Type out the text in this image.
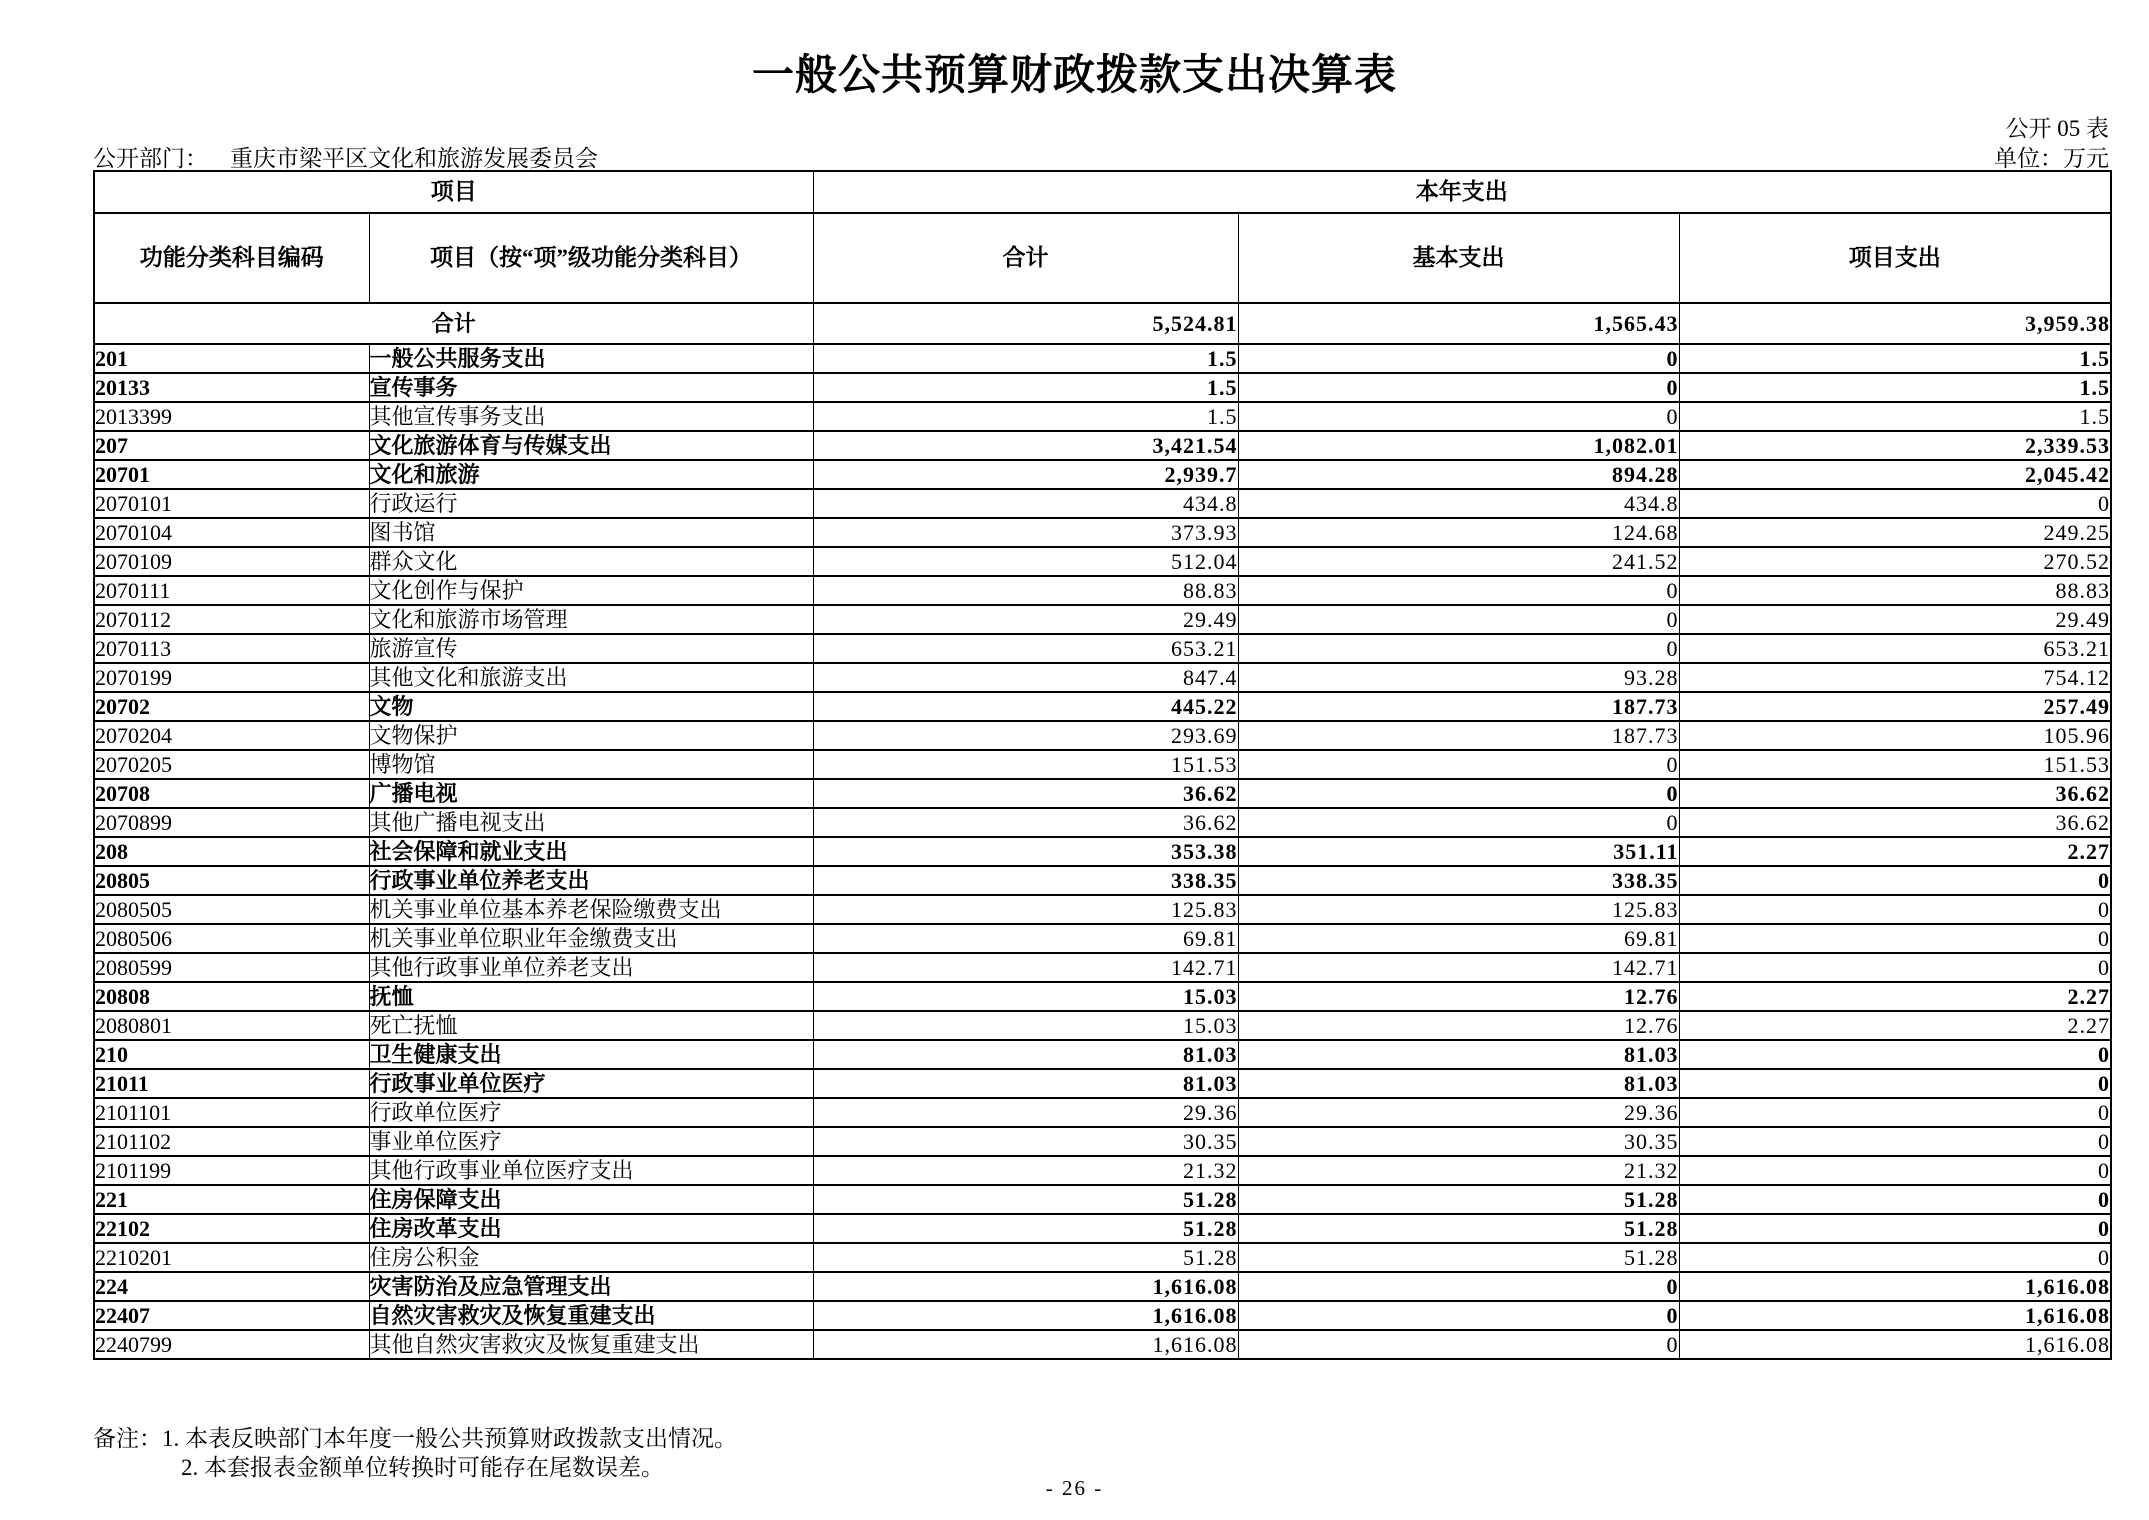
一般公共预算财政拨款支出决算表
公开 05 表
公开部门： 重庆市梁平区文化和旅游发展委员会	单位：万元
项目		本年支出		
功能分类科目编码	项目（按“项”级功能分类科目）	合计	基本支出	项目支出
合计		5,524.81	1,565.43	3,959.38
201	一般公共服务支出	1.5	0	1.5
20133	宣传事务	1.5	0	1.5
2013399	其他宣传事务支出	1.5	0	1.5
207	文化旅游体育与传媒支出	3,421.54	1,082.01	2,339.53
20701	文化和旅游	2,939.7	894.28	2,045.42
2070101	行政运行	434.8	434.8	0
2070104	图书馆	373.93	124.68	249.25
2070109	群众文化	512.04	241.52	270.52
2070111	文化创作与保护	88.83	0	88.83
2070112	文化和旅游市场管理	29.49	0	29.49
2070113	旅游宣传	653.21	0	653.21
2070199	其他文化和旅游支出	847.4	93.28	754.12
20702	文物	445.22	187.73	257.49
2070204	文物保护	293.69	187.73	105.96
2070205	博物馆	151.53	0	151.53
20708	广播电视	36.62	0	36.62
2070899	其他广播电视支出	36.62	0	36.62
208	社会保障和就业支出	353.38	351.11	2.27
20805	行政事业单位养老支出	338.35	338.35	0
2080505	机关事业单位基本养老保险缴费支出	125.83	125.83	0
2080506	机关事业单位职业年金缴费支出	69.81	69.81	0
2080599	其他行政事业单位养老支出	142.71	142.71	0
20808	抚恤	15.03	12.76	2.27
2080801	死亡抚恤	15.03	12.76	2.27
210	卫生健康支出	81.03	81.03	0
21011	行政事业单位医疗	81.03	81.03	0
2101101	行政单位医疗	29.36	29.36	0
2101102	事业单位医疗	30.35	30.35	0
2101199	其他行政事业单位医疗支出	21.32	21.32	0
221	住房保障支出	51.28	51.28	0
22102	住房改革支出	51.28	51.28	0
2210201	住房公积金	51.28	51.28	0
224	灾害防治及应急管理支出	1,616.08	0	1,616.08
22407	自然灾害救灾及恢复重建支出	1,616.08	0	1,616.08
2240799	其他自然灾害救灾及恢复重建支出	1,616.08	0	1,616.08
备注：1. 本表反映部门本年度一般公共预算财政拨款支出情况。
2. 本套报表金额单位转换时可能存在尾数误差。
- 26 -
